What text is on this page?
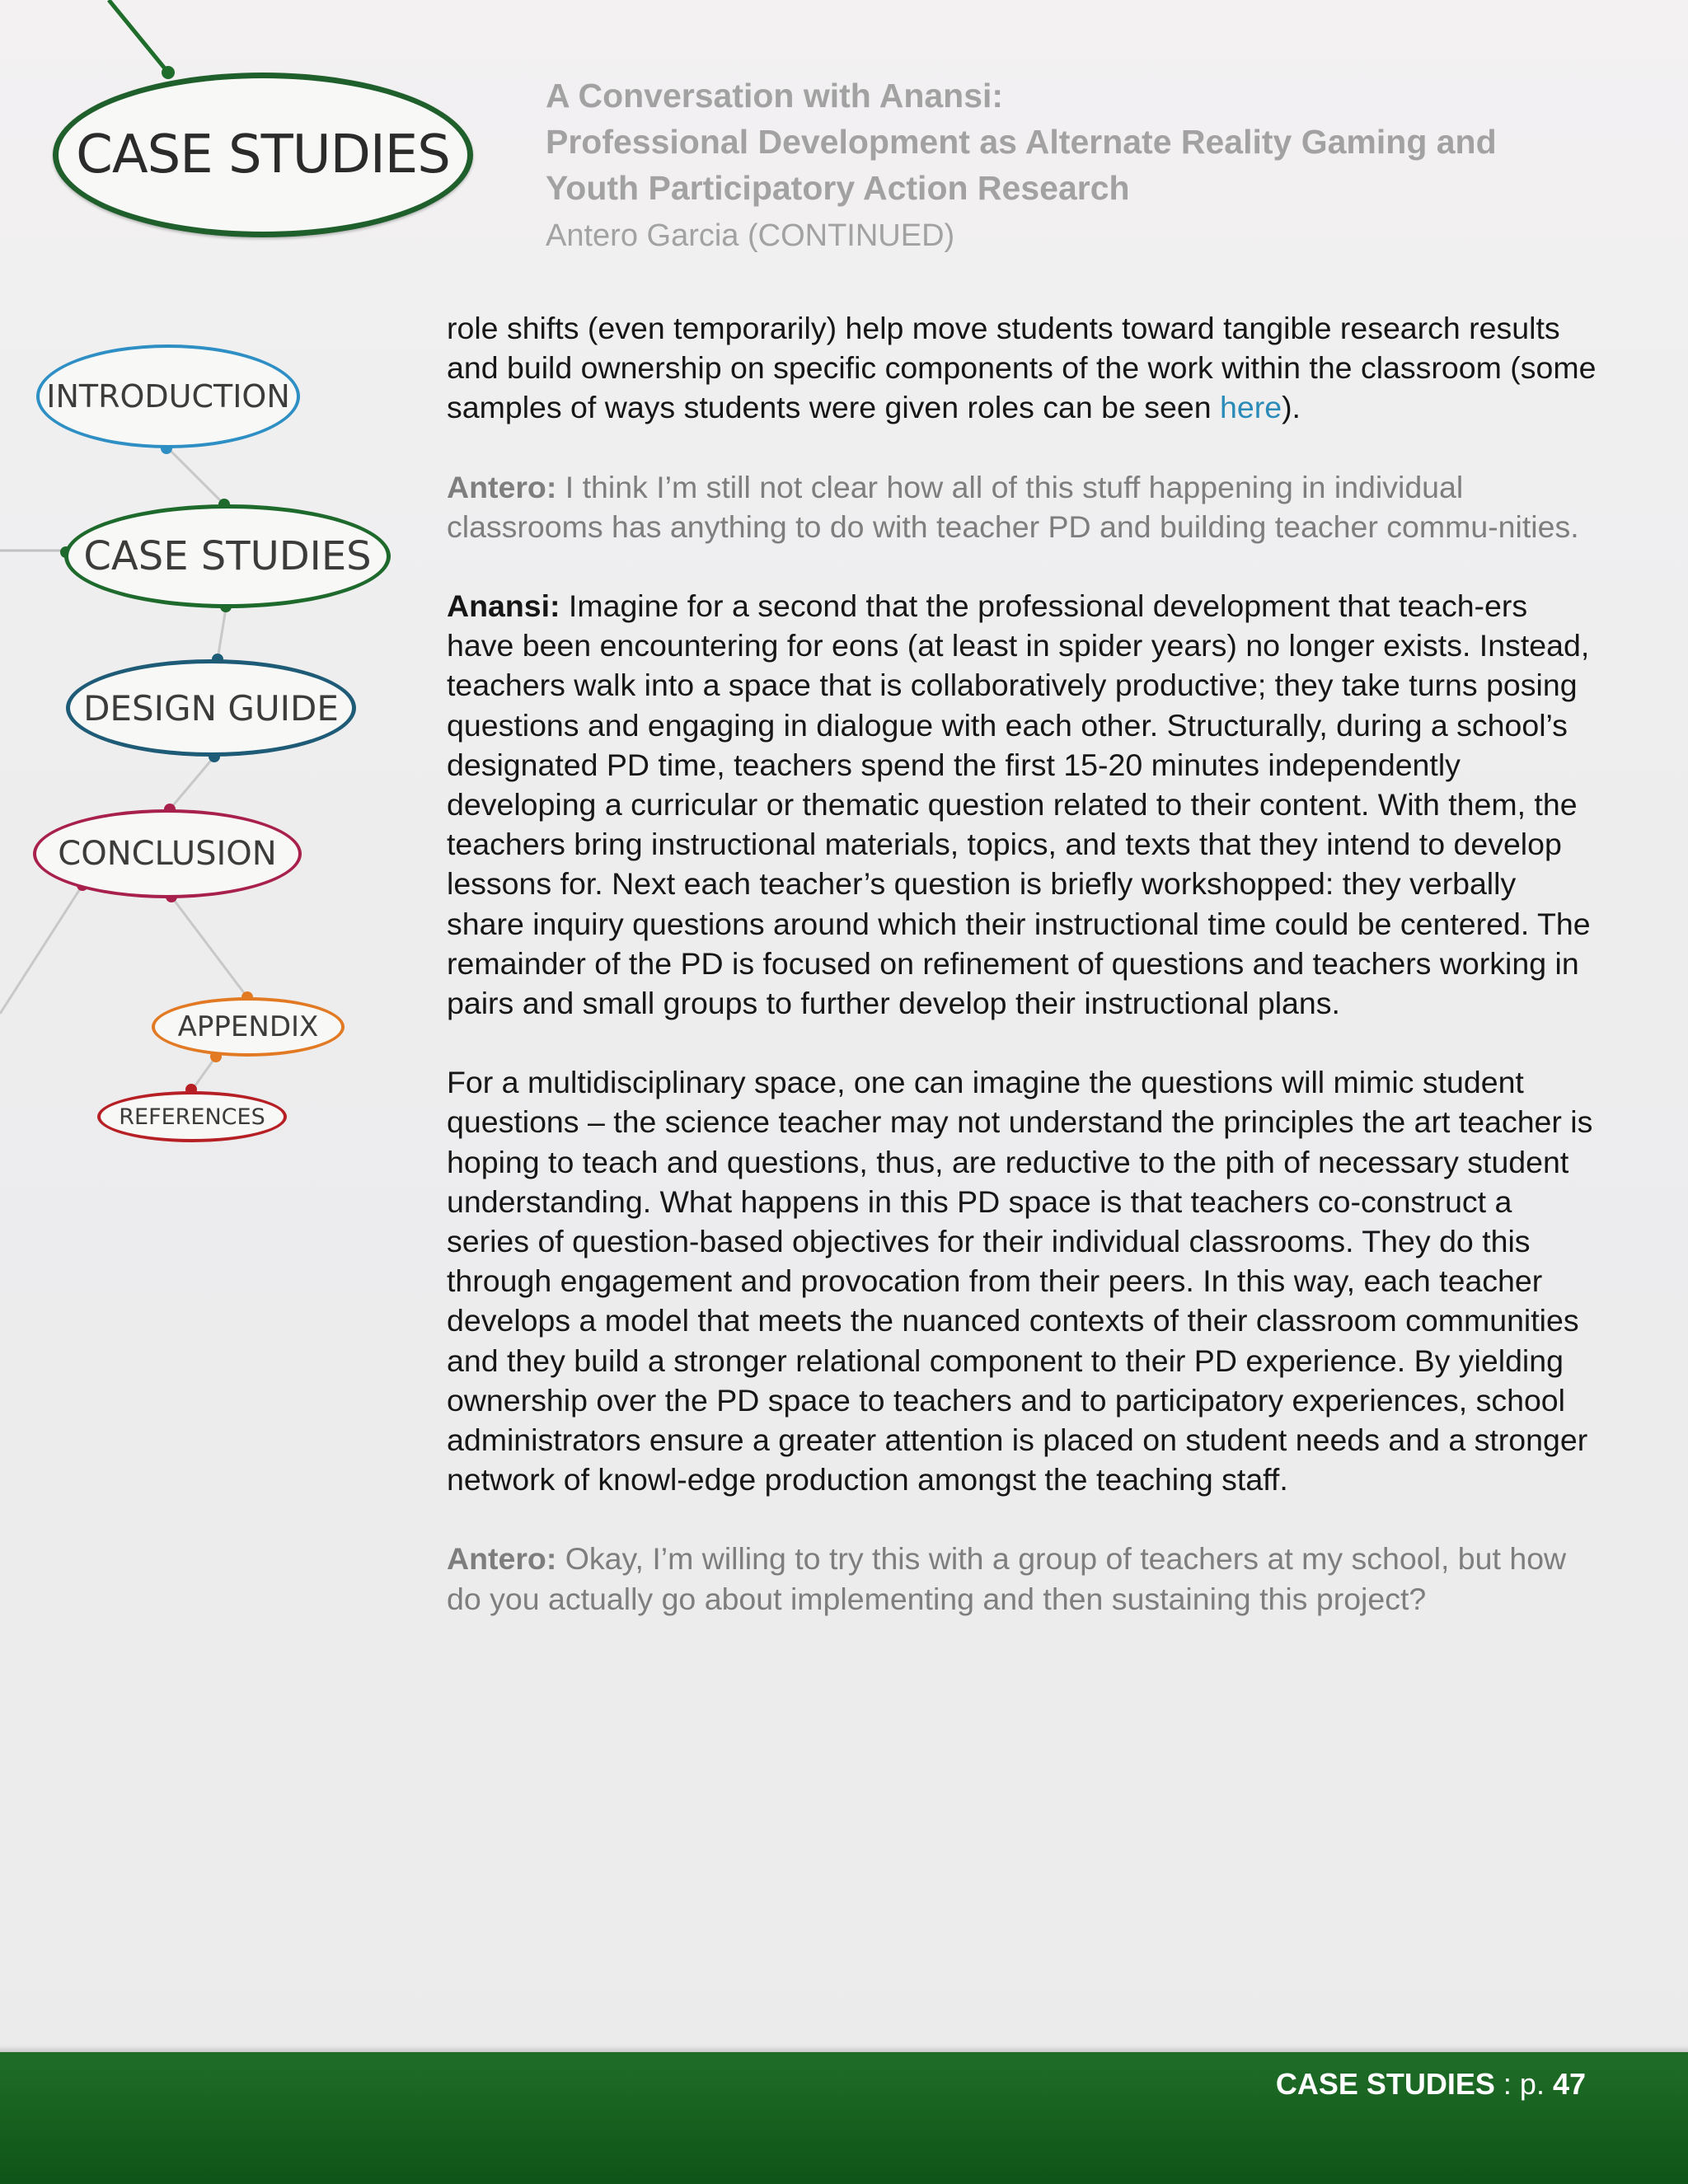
CASE STUDIES
INTRODUCTION
CASE STUDIES
DESIGN GUIDE
CONCLUSION
APPENDIX
REFERENCES
A Conversation with Anansi:
Professional Development as Alternate Reality Gaming and
Youth Participatory Action Research
Antero Garcia (CONTINUED)

role shifts (even temporarily) help move students toward tangible research results and build ownership on specific components of the work within the classroom (some samples of ways students were given roles can be seen here).

Antero: I think I’m still not clear how all of this stuff happening in individual classrooms has anything to do with teacher PD and building teacher commu-nities.

Anansi: Imagine for a second that the professional development that teach-ers have been encountering for eons (at least in spider years) no longer exists. Instead, teachers walk into a space that is collaboratively productive; they take turns posing questions and engaging in dialogue with each other. Structurally, during a school’s designated PD time, teachers spend the first 15-20 minutes independently developing a curricular or thematic question related to their content. With them, the teachers bring instructional materials, topics, and texts that they intend to develop lessons for. Next each teacher’s question is briefly workshopped: they verbally share inquiry questions around which their instructional time could be centered. The remainder of the PD is focused on refinement of questions and teachers working in pairs and small groups to further develop their instructional plans.

For a multidisciplinary space, one can imagine the questions will mimic student questions – the science teacher may not understand the principles the art teacher is hoping to teach and questions, thus, are reductive to the pith of necessary student understanding. What happens in this PD space is that teachers co-construct a series of question-based objectives for their individual classrooms. They do this through engagement and provocation from their peers. In this way, each teacher develops a model that meets the nuanced contexts of their classroom communities and they build a stronger relational component to their PD experience. By yielding ownership over the PD space to teachers and to participatory experiences, school administrators ensure a greater attention is placed on student needs and a stronger network of knowl-edge production amongst the teaching staff.

Antero: Okay, I’m willing to try this with a group of teachers at my school, but how do you actually go about implementing and then sustaining this project?

CASE STUDIES : p. 47
